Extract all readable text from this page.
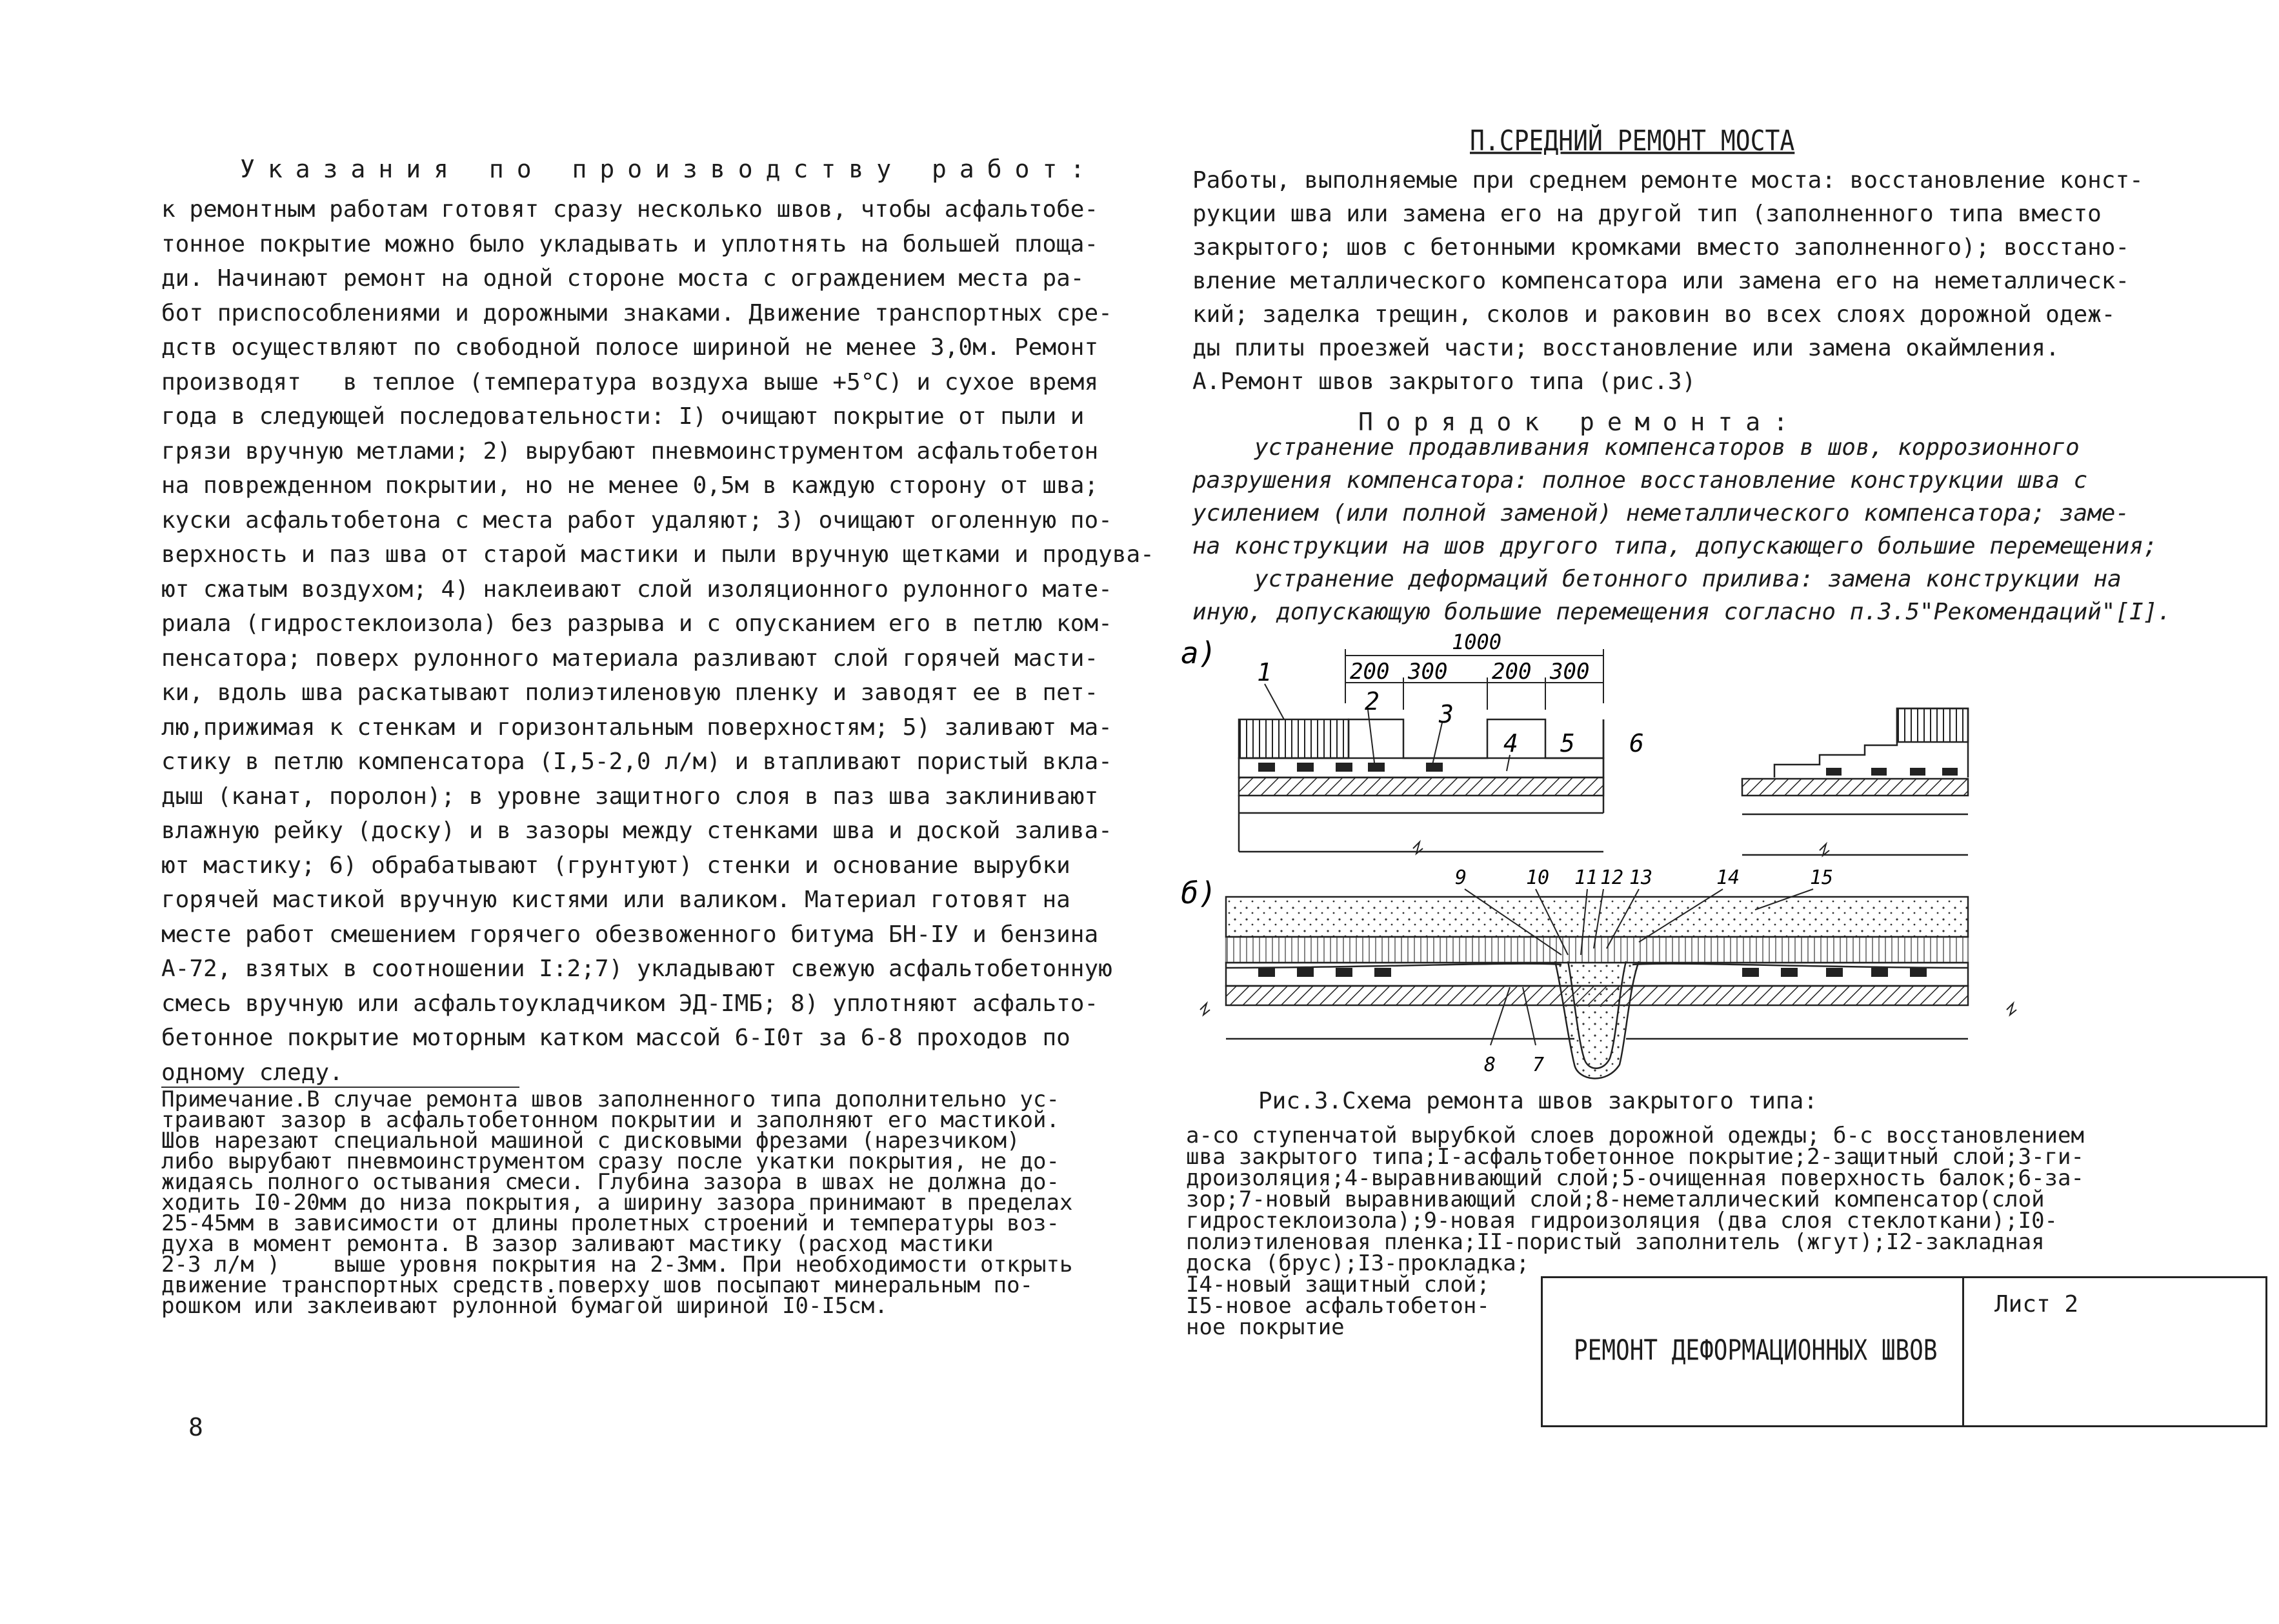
Указания по производству работ:
к ремонтным работам готовят сразу несколько швов, чтобы асфальтобе-
тонное покрытие можно было укладывать и уплотнять на большей площа-
ди. Начинают ремонт на одной стороне моста с ограждением места ра-
бот приспособлениями и дорожными знаками. Движение транспортных сре-
дств осуществляют по свободной полосе шириной не менее 3,0м. Ремонт
производят   в теплое (температура воздуха выше +5°С) и сухое время
года в следующей последовательности: I) очищают покрытие от пыли и
грязи вручную метлами; 2) вырубают пневмоинструментом асфальтобетон
на поврежденном покрытии, но не менее 0,5м в каждую сторону от шва;
куски асфальтобетона с места работ удаляют; 3) очищают оголенную по-
верхность и паз шва от старой мастики и пыли вручную щетками и продува-
ют сжатым воздухом; 4) наклеивают слой изоляционного рулонного мате-
риала (гидростеклоизола) без разрыва и с опусканием его в петлю ком-
пенсатора; поверх рулонного материала разливают слой горячей масти-
ки, вдоль шва раскатывают полиэтиленовую пленку и заводят ее в пет-
лю,прижимая к стенкам и горизонтальным поверхностям; 5) заливают ма-
стику в петлю компенсатора (I,5-2,0 л/м) и втапливают пористый вкла-
дыш (канат, поролон); в уровне защитного слоя в паз шва заклинивают
влажную рейку (доску) и в зазоры между стенками шва и доской залива-
ют мастику; 6) обрабатывают (грунтуют) стенки и основание вырубки
горячей мастикой вручную кистями или валиком. Материал готовят на
месте работ смешением горячего обезвоженного битума БН-IУ и бензина
А-72, взятых в соотношении I:2;7) укладывают свежую асфальтобетонную
смесь вручную или асфальтоукладчиком ЭД-IМБ; 8) уплотняют асфальто-
бетонное покрытие моторным катком массой 6-I0т за 6-8 проходов по
одному следу.
Примечание.В случае ремонта швов заполненного типа дополнительно ус-
траивают зазор в асфальтобетонном покрытии и заполняют его мастикой.
Шов нарезают специальной машиной с дисковыми фрезами (нарезчиком)
либо вырубают пневмоинструментом сразу после укатки покрытия, не до-
жидаясь полного остывания смеси. Глубина зазора в швах не должна до-
ходить I0-20мм до низа покрытия, а ширину зазора принимают в пределах
25-45мм в зависимости от длины пролетных строений и температуры воз-
духа в момент ремонта. В зазор заливают мастику (расход мастики
2-3 л/м )    выше уровня покрытия на 2-3мм. При необходимости открыть
движение транспортных средств.поверху шов посыпают минеральным по-
рошком или заклеивают рулонной бумагой шириной I0-I5см.
8
П.СРЕДНИЙ РЕМОНТ МОСТА
Работы, выполняемые при среднем ремонте моста: восстановление конст-
рукции шва или замена его на другой тип (заполненного типа вместо
закрытого; шов с бетонными кромками вместо заполненного); восстано-
вление металлического компенсатора или замена его на неметаллическ-
кий; заделка трещин, сколов и раковин во всех слоях дорожной одеж-
ды плиты проезжей части; восстановление или замена окаймления.
А.Ремонт швов закрытого типа (рис.3)
Порядок ремонта:
устранение продавливания компенсаторов в шов, коррозионного
разрушения компенсатора: полное восстановление конструкции шва с
усилением (или полной заменой) неметаллического компенсатора; заме-
на конструкции на шов другого типа, допускающего большие перемещения;
устранение деформаций бетонного прилива: замена конструкции на
иную, допускающую большие перемещения согласно п.3.5"Рекомендаций"[I].
а)	1000
200 300 200 300
1
2 3
4 5 6
б)	9	10 11 12 13	14	15
8 7
Рис.3.Схема ремонта швов закрытого типа:
а-со ступенчатой вырубкой слоев дорожной одежды; б-с восстановлением
шва закрытого типа;I-асфальтобетонное покрытие;2-защитный слой;3-ги-
дроизоляция;4-выравнивающий слой;5-очищенная поверхность балок;6-за-
зор;7-новый выравнивающий слой;8-неметаллический компенсатор(слой
гидростеклоизола);9-новая гидроизоляция (два слоя стеклоткани);I0-
полиэтиленовая пленка;II-пористый заполнитель (жгут);I2-закладная
доска (брус);I3-прокладка;
I4-новый защитный слой;
I5-новое асфальтобетон-
ное покрытие
РЕМОНТ ДЕФОРМАЦИОННЫХ ШВОВ
Лист 2
